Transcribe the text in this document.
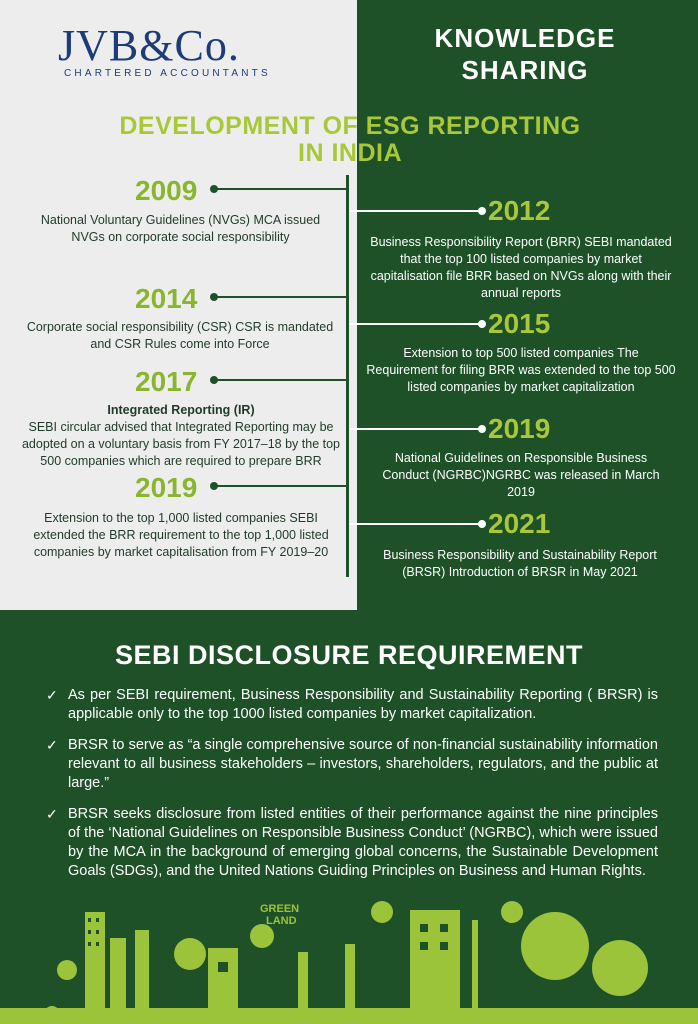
JVB&Co.
CHARTERED ACCOUNTANTS
KNOWLEDGE
SHARING
DEVELOPMENT OF ESG REPORTING
IN INDIA
2009
National Voluntary Guidelines (NVGs) MCA issued NVGs on corporate social responsibility
2014
Corporate social responsibility (CSR) CSR is mandated and CSR Rules come into Force
2017
Integrated Reporting (IR)
SEBI circular advised that Integrated Reporting may be adopted on a voluntary basis from FY 2017–18 by the top 500 companies which are required to prepare BRR
2019
Extension to the top 1,000 listed companies SEBI extended the BRR requirement to the top 1,000 listed companies by market capitalisation from FY 2019–20
2012
Business Responsibility Report (BRR) SEBI mandated that the top 100 listed companies by market capitalisation file BRR based on NVGs along with their annual reports
2015
Extension to top 500 listed companies The Requirement for filing BRR was extended to the top 500 listed companies by market capitalization
2019
National Guidelines on Responsible Business Conduct (NGRBC)NGRBC was released in March 2019
2021
Business Responsibility and Sustainability Report (BRSR) Introduction of BRSR in May 2021
SEBI DISCLOSURE REQUIREMENT
✓ As per SEBI requirement, Business Responsibility and Sustainability Reporting ( BRSR) is applicable only to the top 1000 listed companies by market capitalization.
✓ BRSR to serve as “a single comprehensive source of non-financial sustainability information relevant to all business stakeholders – investors, shareholders, regulators, and the public at large.”
✓ BRSR seeks disclosure from listed entities of their performance against the nine principles of the ‘National Guidelines on Responsible Business Conduct’ (NGRBC), which were issued by the MCA in the background of emerging global concerns, the Sustainable Development Goals (SDGs), and the United Nations Guiding Principles on Business and Human Rights.
GREEN
LAND
